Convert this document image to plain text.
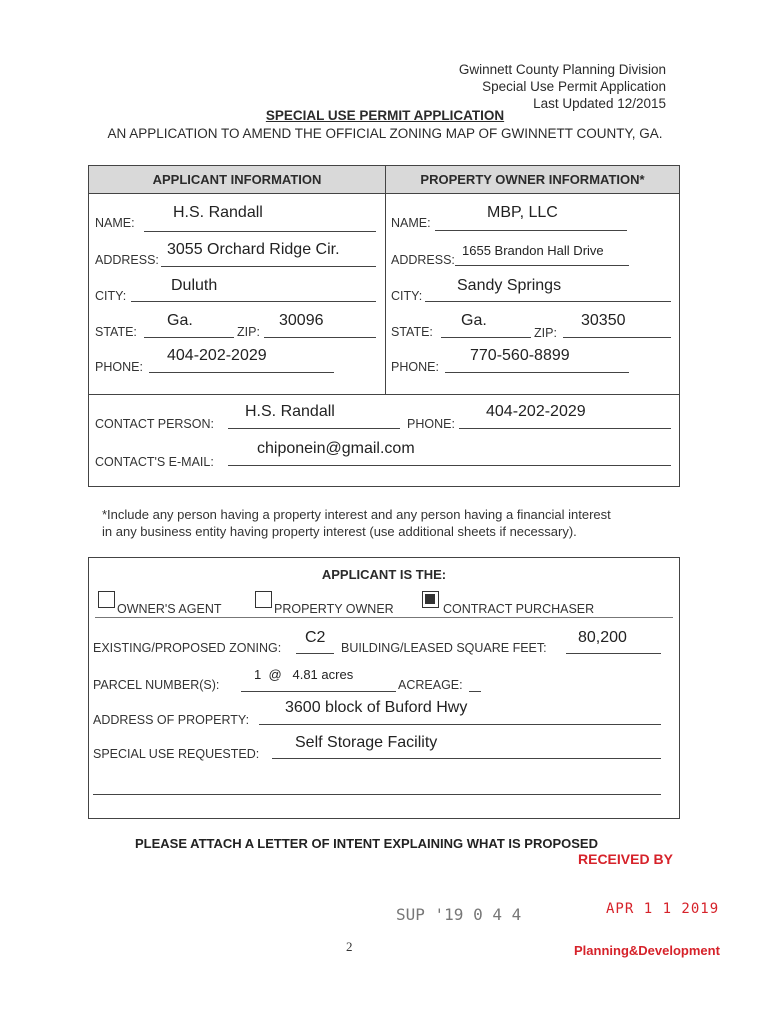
Gwinnett County Planning Division
Special Use Permit Application
Last Updated 12/2015
SPECIAL USE PERMIT APPLICATION
AN APPLICATION TO AMEND THE OFFICIAL ZONING MAP OF GWINNETT COUNTY, GA.
APPLICANT INFORMATION	PROPERTY OWNER INFORMATION*
NAME:
H.S. Randall
ADDRESS:
3055 Orchard Ridge Cir.
CITY:
Duluth
STATE:
Ga.
ZIP:
30096
PHONE:
404-202-2029
NAME:
MBP, LLC
ADDRESS:
1655 Brandon Hall Drive
CITY:
Sandy Springs
STATE:
Ga.
ZIP:
30350
PHONE:
770-560-8899
CONTACT PERSON:
H.S. Randall
PHONE:
404-202-2029
CONTACT'S E-MAIL:
chiponein@gmail.com
*Include any person having a property interest and any person having a financial interest
in any business entity having property interest (use additional sheets if necessary).
APPLICANT IS THE:
OWNER'S AGENT	PROPERTY OWNER	CONTRACT PURCHASER
EXISTING/PROPOSED ZONING:
C2
BUILDING/LEASED SQUARE FEET:
80,200
PARCEL NUMBER(S):
1  @   4.81 acres
ACREAGE:
ADDRESS OF PROPERTY:
3600 block of Buford Hwy
SPECIAL USE REQUESTED:
Self Storage Facility
PLEASE ATTACH A LETTER OF INTENT EXPLAINING WHAT IS PROPOSED
RECEIVED BY
APR 1 1 2019
SUP '19 0 4 4
Planning&Development
2
